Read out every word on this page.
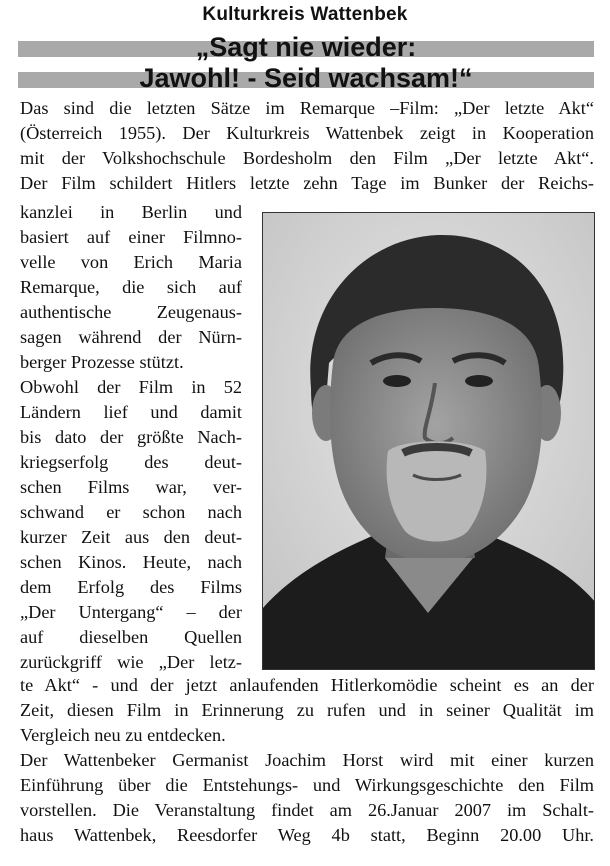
Kulturkreis Wattenbek
„Sagt nie wieder:
Jawohl! - Seid wachsam!“
Das sind die letzten Sätze im Remarque –Film: „Der letzte Akt“
(Österreich 1955). Der Kulturkreis Wattenbek zeigt in Kooperation
mit der Volkshochschule Bordesholm den Film „Der letzte Akt“.
Der Film schildert Hitlers letzte zehn Tage im Bunker der Reichs-
kanzlei in Berlin und
basiert auf einer Filmno-
velle von Erich Maria
Remarque, die sich auf
authentische Zeugenaus-
sagen während der Nürn-
berger Prozesse stützt.
Obwohl der Film in 52
Ländern lief und damit
bis dato der größte Nach-
kriegserfolg des deut-
schen Films war, ver-
schwand er schon nach
kurzer Zeit aus den deut-
schen Kinos. Heute, nach
dem Erfolg des Films
„Der Untergang“ – der
auf dieselben Quellen
zurückgriff wie „Der letz-
te Akt“ - und der jetzt anlaufenden Hitlerkomödie scheint es an der
Zeit, diesen Film in Erinnerung zu rufen und in seiner Qualität im
Vergleich neu zu entdecken.
Der Wattenbeker Germanist Joachim Horst wird mit einer kurzen
Einführung über die Entstehungs- und Wirkungsgeschichte den Film
vorstellen. Die Veranstaltung findet am 26.Januar 2007 im Schalt-
haus Wattenbek, Reesdorfer Weg 4b statt, Beginn 20.00 Uhr.
